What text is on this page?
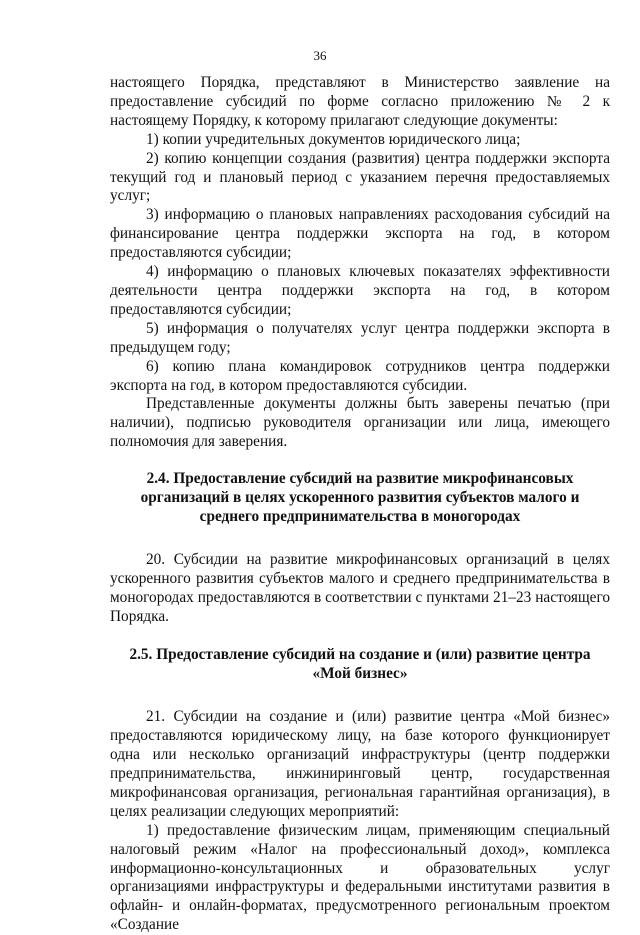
36

настоящего Порядка, представляют в Министерство заявление на предоставление субсидий по форме согласно приложению № 2 к настоящему Порядку, к которому прилагают следующие документы:

1) копии учредительных документов юридического лица;

2) копию концепции создания (развития) центра поддержки экспорта текущий год и плановый период с указанием перечня предоставляемых услуг;

3) информацию о плановых направлениях расходования субсидий на финансирование центра поддержки экспорта на год, в котором предоставляются субсидии;

4) информацию о плановых ключевых показателях эффективности деятельности центра поддержки экспорта на год, в котором предоставляются субсидии;

5) информация о получателях услуг центра поддержки экспорта в предыдущем году;

6) копию плана командировок сотрудников центра поддержки экспорта на год, в котором предоставляются субсидии.

Представленные документы должны быть заверены печатью (при наличии), подписью руководителя организации или лица, имеющего полномочия для заверения.

2.4. Предоставление субсидий на развитие микрофинансовых организаций в целях ускоренного развития субъектов малого и среднего предпринимательства в моногородах

20. Субсидии на развитие микрофинансовых организаций в целях ускоренного развития субъектов малого и среднего предпринимательства в моногородах предоставляются в соответствии с пунктами 21–23 настоящего Порядка.

2.5. Предоставление субсидий на создание и (или) развитие центра «Мой бизнес»

21. Субсидии на создание и (или) развитие центра «Мой бизнес» предоставляются юридическому лицу, на базе которого функционирует одна или несколько организаций инфраструктуры (центр поддержки предпринимательства, инжиниринговый центр, государственная микрофинансовая организация, региональная гарантийная организация), в целях реализации следующих мероприятий:

1) предоставление физическим лицам, применяющим специальный налоговый режим «Налог на профессиональный доход», комплекса информационно-консультационных и образовательных услуг организациями инфраструктуры и федеральными институтами развития в офлайн- и онлайн-форматах, предусмотренного региональным проектом «Создание
